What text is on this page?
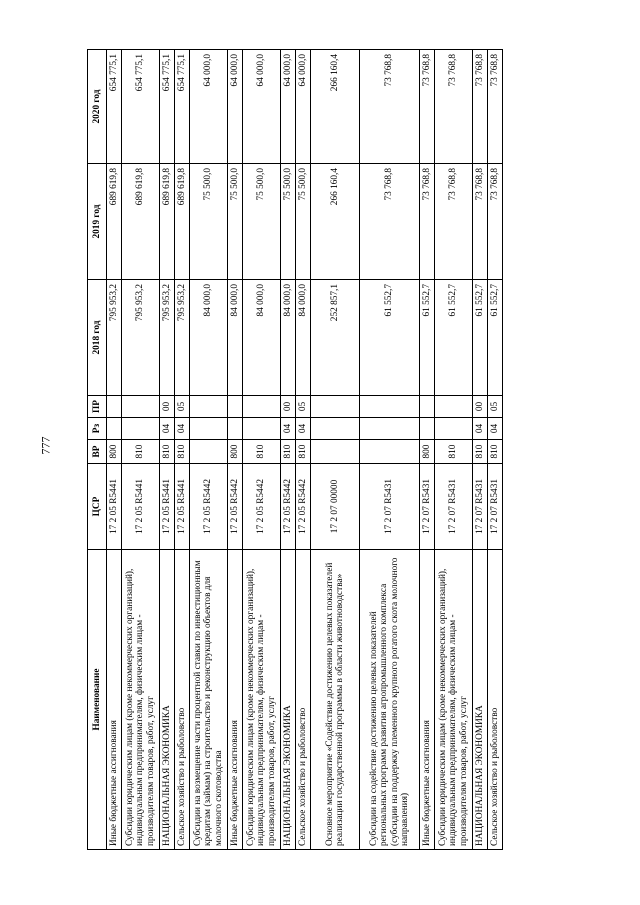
777
Наименование	ЦСР	ВР	Рз	ПР	2018 год	2019 год	2020 год
Иные бюджетные ассигнования	17 2 05 R5441	800			795 953,2	689 619,8	654 775,1
Субсидии юридическим лицам (кроме некоммерческих организаций), индивидуальным предпринимателям, физическим лицам - производителям товаров, работ, услуг	17 2 05 R5441	810			795 953,2	689 619,8	654 775,1
НАЦИОНАЛЬНАЯ ЭКОНОМИКА	17 2 05 R5441	810	04	00	795 953,2	689 619,8	654 775,1
Сельское хозяйство и рыболовство	17 2 05 R5441	810	04	05	795 953,2	689 619,8	654 775,1
Субсидии на возмещение части процентной ставки по инвестиционным кредитам (займам) на строительство и реконструкцию объектов для молочного скотоводства	17 2 05 R5442				84 000,0	75 500,0	64 000,0
Иные бюджетные ассигнования	17 2 05 R5442	800			84 000,0	75 500,0	64 000,0
Субсидии юридическим лицам (кроме некоммерческих организаций), индивидуальным предпринимателям, физическим лицам - производителям товаров, работ, услуг	17 2 05 R5442	810			84 000,0	75 500,0	64 000,0
НАЦИОНАЛЬНАЯ ЭКОНОМИКА	17 2 05 R5442	810	04	00	84 000,0	75 500,0	64 000,0
Сельское хозяйство и рыболовство	17 2 05 R5442	810	04	05	84 000,0	75 500,0	64 000,0
Основное мероприятие «Содействие достижению целевых показателей реализации государственной программы в области животноводства»	17 2 07 00000				252 857,1	266 160,4	266 160,4
Субсидии на содействие достижению целевых показателей региональных программ развития агропромышленного комплекса (субсидии на поддержку племенного крупного рогатого скота молочного направления)	17 2 07 R5431				61 552,7	73 768,8	73 768,8
Иные бюджетные ассигнования	17 2 07 R5431	800			61 552,7	73 768,8	73 768,8
Субсидии юридическим лицам (кроме некоммерческих организаций), индивидуальным предпринимателям, физическим лицам - производителям товаров, работ, услуг	17 2 07 R5431	810			61 552,7	73 768,8	73 768,8
НАЦИОНАЛЬНАЯ ЭКОНОМИКА	17 2 07 R5431	810	04	00	61 552,7	73 768,8	73 768,8
Сельское хозяйство и рыболовство	17 2 07 R5431	810	04	05	61 552,7	73 768,8	73 768,8
